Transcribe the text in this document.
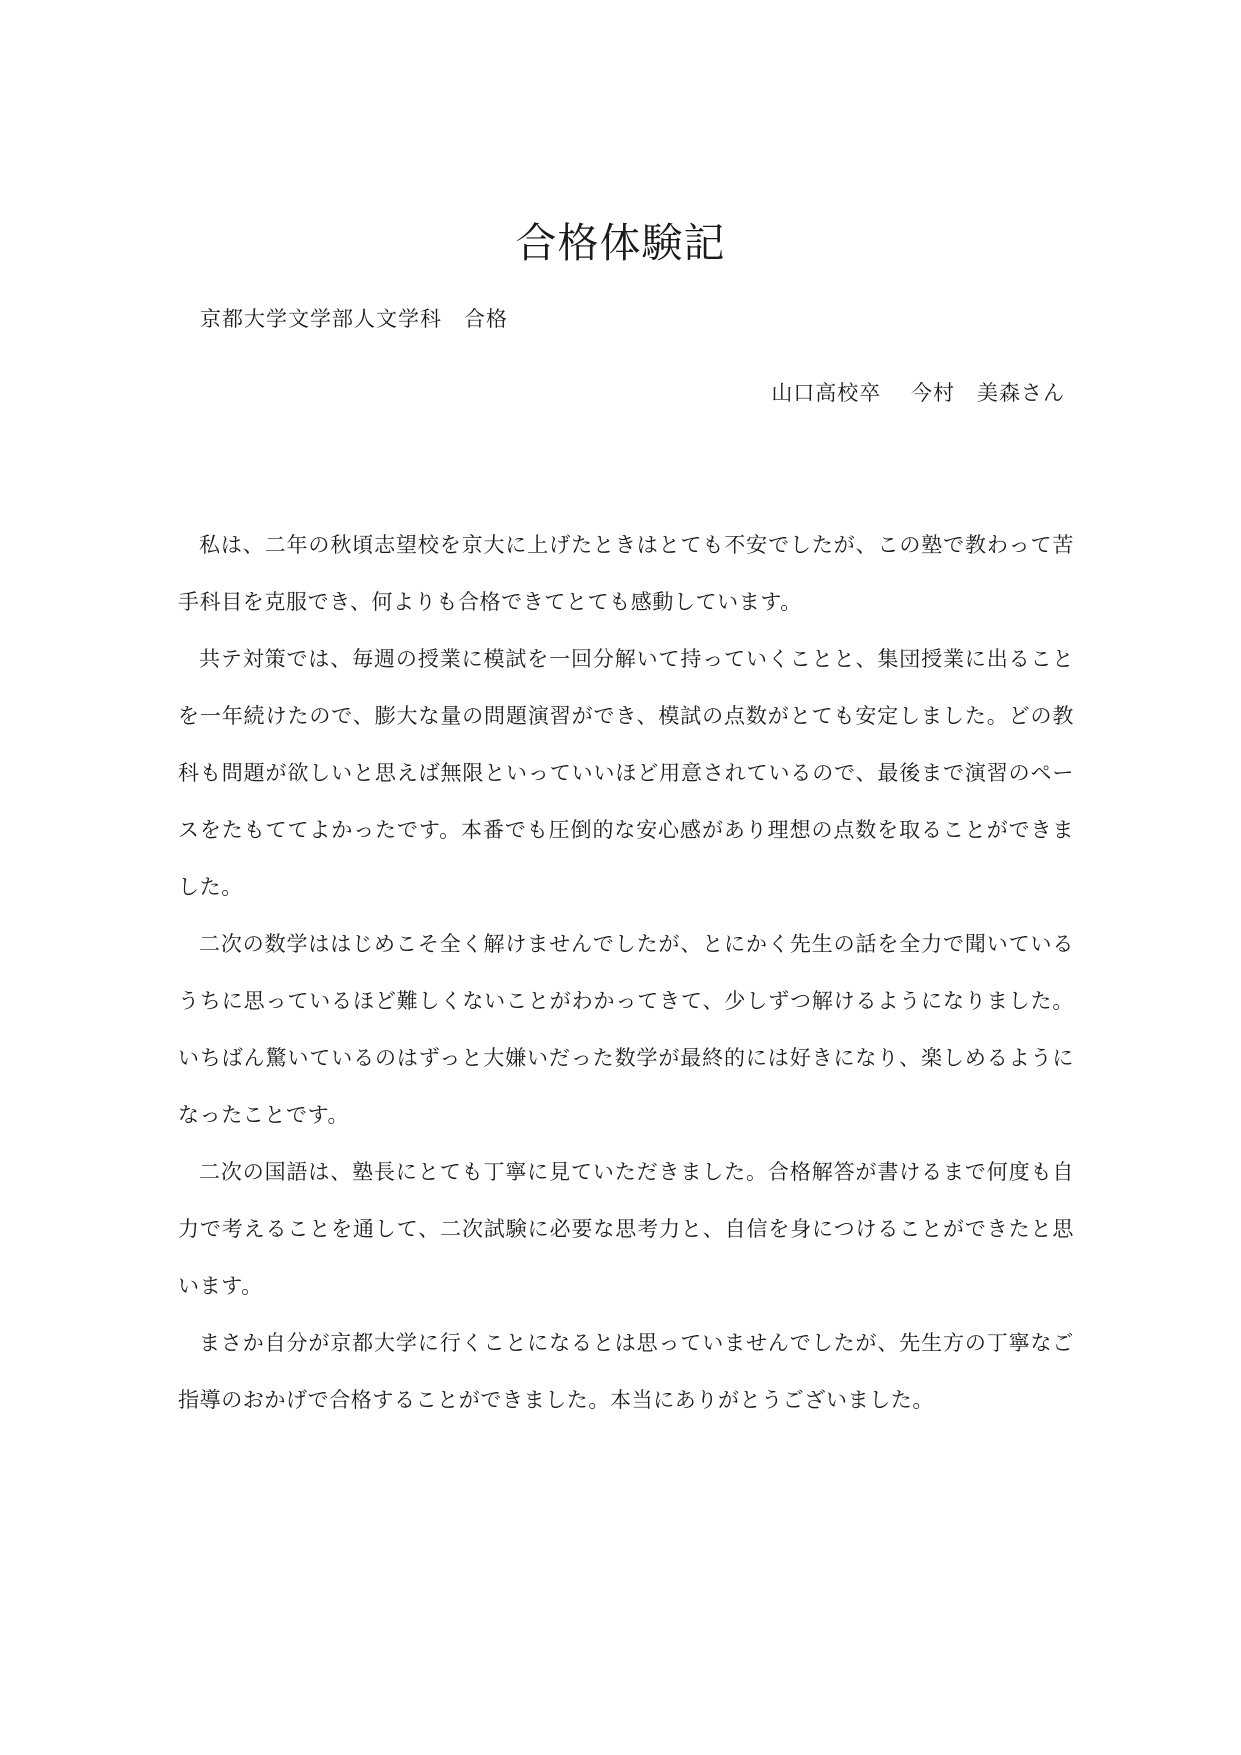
合格体験記
京都大学文学部人文学科　合格
山口高校卒　 今村　美森さん

私は、二年の秋頃志望校を京大に上げたときはとても不安でしたが、この塾で教わって苦手科目を克服でき、何よりも合格できてとても感動しています。

共テ対策では、毎週の授業に模試を一回分解いて持っていくことと、集団授業に出ることを一年続けたので、膨大な量の問題演習ができ、模試の点数がとても安定しました。どの教科も問題が欲しいと思えば無限といっていいほど用意されているので、最後まで演習のペースをたもててよかったです。本番でも圧倒的な安心感があり理想の点数を取ることができました。

二次の数学ははじめこそ全く解けませんでしたが、とにかく先生の話を全力で聞いているうちに思っているほど難しくないことがわかってきて、少しずつ解けるようになりました。いちばん驚いているのはずっと大嫌いだった数学が最終的には好きになり、楽しめるようになったことです。

二次の国語は、塾長にとても丁寧に見ていただきました。合格解答が書けるまで何度も自力で考えることを通して、二次試験に必要な思考力と、自信を身につけることができたと思います。

まさか自分が京都大学に行くことになるとは思っていませんでしたが、先生方の丁寧なご指導のおかげで合格することができました。本当にありがとうございました。
